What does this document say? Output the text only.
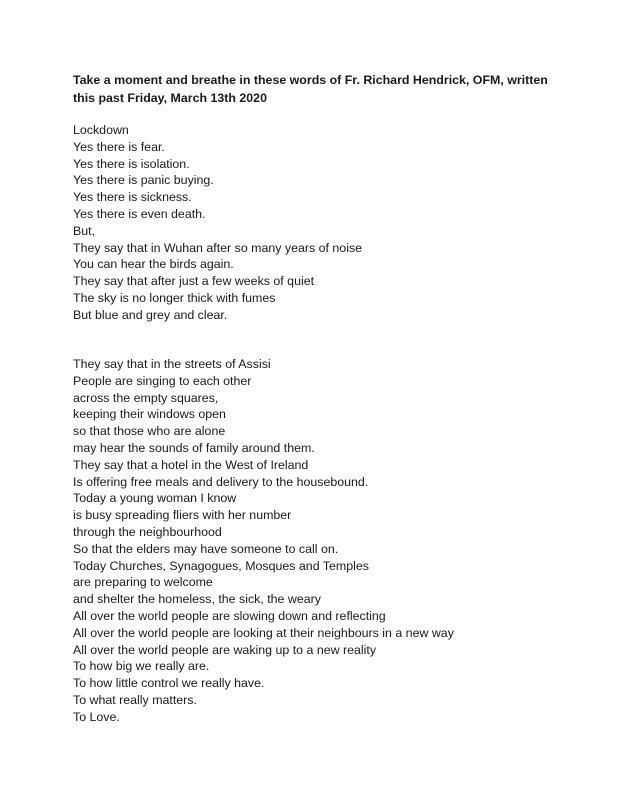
Take a moment and breathe in these words of Fr. Richard Hendrick, OFM, written
this past Friday, March 13th 2020

Lockdown
Yes there is fear.
Yes there is isolation.
Yes there is panic buying.
Yes there is sickness.
Yes there is even death.
But,
They say that in Wuhan after so many years of noise
You can hear the birds again.
They say that after just a few weeks of quiet
The sky is no longer thick with fumes
But blue and grey and clear.
They say that in the streets of Assisi
People are singing to each other
across the empty squares,
keeping their windows open
so that those who are alone
may hear the sounds of family around them.
They say that a hotel in the West of Ireland
Is offering free meals and delivery to the housebound.
Today a young woman I know
is busy spreading fliers with her number
through the neighbourhood
So that the elders may have someone to call on.
Today Churches, Synagogues, Mosques and Temples
are preparing to welcome
and shelter the homeless, the sick, the weary
All over the world people are slowing down and reflecting
All over the world people are looking at their neighbours in a new way
All over the world people are waking up to a new reality
To how big we really are.
To how little control we really have.
To what really matters.
To Love.
